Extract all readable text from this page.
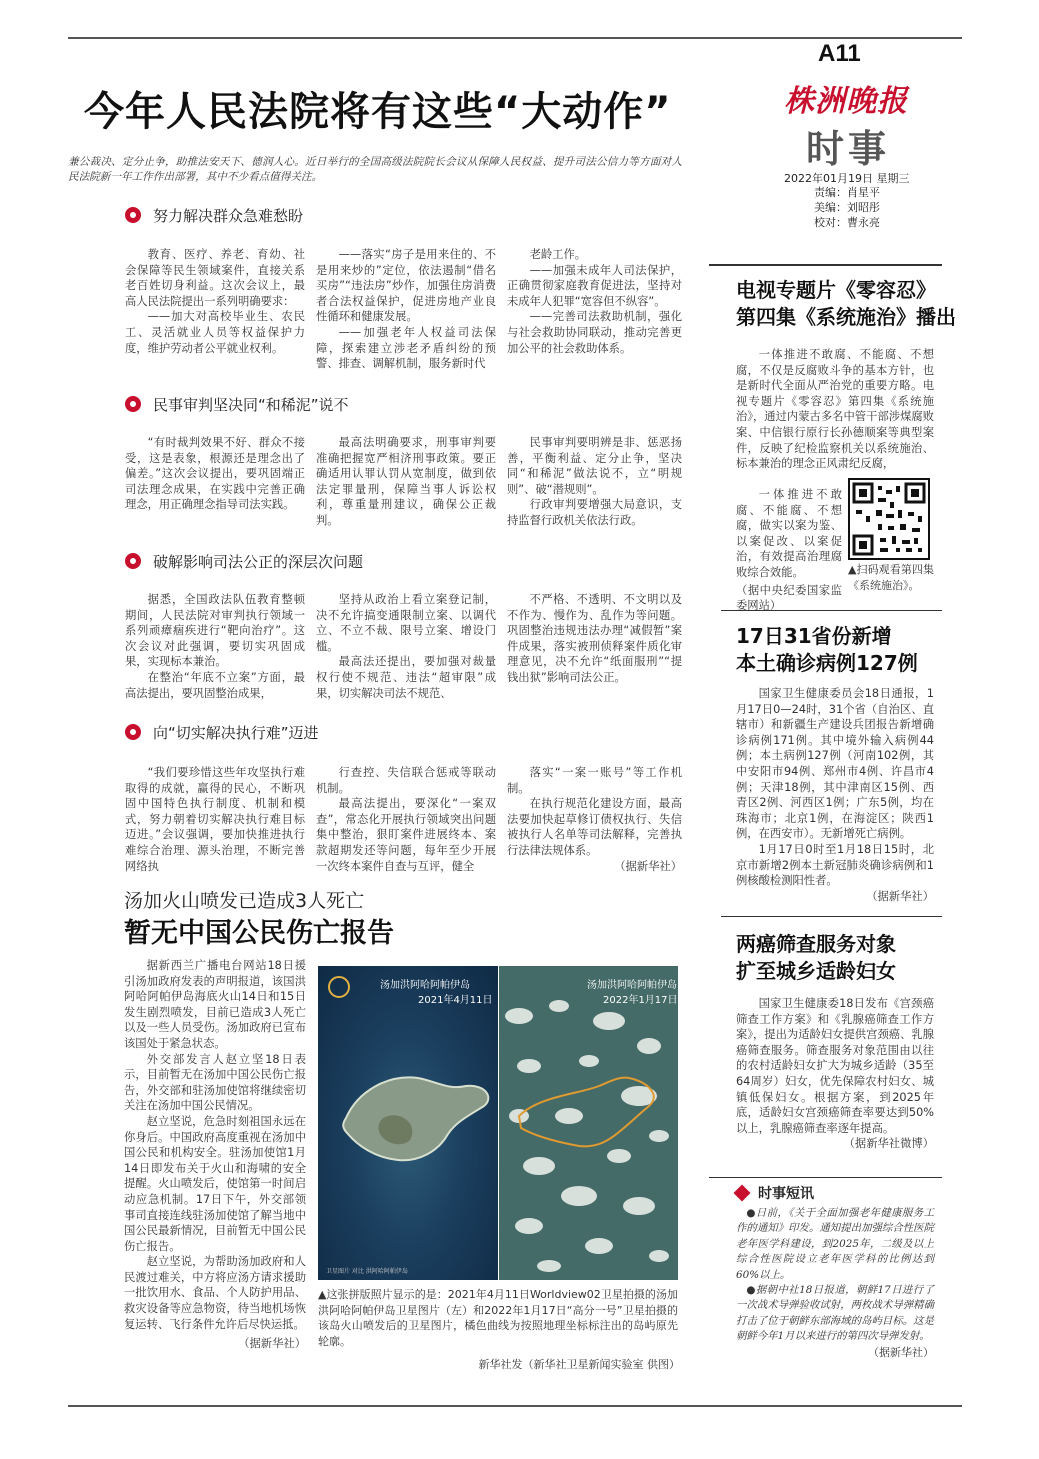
A11
株洲晚报
时事
2022年01月19日 星期三
责编：肖星平
美编：刘昭彤
校对：曹永亮
今年人民法院将有这些“大动作”
兼公裁决、定分止争，助推法安天下、德润人心。近日举行的全国高级法院院长会议从保障人民权益、提升司法公信力等方面对人民法院新一年工作作出部署，其中不少看点值得关注。
努力解决群众急难愁盼

教育、医疗、养老、育幼、社会保障等民生领域案件，直接关系老百姓切身利益。这次会议上，最高人民法院提出一系列明确要求：

——加大对高校毕业生、农民工、灵活就业人员等权益保护力度，维护劳动者公平就业权利。

——落实“房子是用来住的、不是用来炒的”定位，依法遏制“借名买房”“违法房”炒作，加强住房消费者合法权益保护，促进房地产业良性循环和健康发展。

——加强老年人权益司法保障，探索建立涉老矛盾纠纷的预警、排查、调解机制，服务新时代

老龄工作。

——加强未成年人司法保护，正确贯彻家庭教育促进法，坚持对未成年人犯罪“宽容但不纵容”。

——完善司法救助机制，强化与社会救助协同联动，推动完善更加公平的社会救助体系。

民事审判坚决同“和稀泥”说不

“有时裁判效果不好、群众不接受，这是表象，根源还是理念出了偏差。”这次会议提出，要巩固端正司法理念成果，在实践中完善正确理念，用正确理念指导司法实践。

最高法明确要求，刑事审判要准确把握宽严相济刑事政策。要正确适用认罪认罚从宽制度，做到依法定罪量刑，保障当事人诉讼权利，尊重量刑建议，确保公正裁判。

民事审判要明辨是非、惩恶扬善，平衡利益、定分止争，坚决同“和稀泥”做法说不，立“明规则”、破“潜规则”。

行政审判要增强大局意识，支持监督行政机关依法行政。

破解影响司法公正的深层次问题

据悉，全国政法队伍教育整顿期间，人民法院对审判执行领域一系列顽瘴痼疾进行“靶向治疗”。这次会议对此强调，要切实巩固成果，实现标本兼治。

在整治“年底不立案”方面，最高法提出，要巩固整治成果，

坚持从政治上看立案登记制，决不允许搞变通限制立案、以调代立、不立不裁、限号立案、增设门槛。

最高法还提出，要加强对裁量权行使不规范、违法“超审限”成果，切实解决司法不规范、

不严格、不透明、不文明以及不作为、慢作为、乱作为等问题。巩固整治违规违法办理“减假暂”案件成果，落实被刑侦释案件质化审理意见，决不允许“纸面服刑”“提钱出狱”影响司法公正。

向“切实解决执行难”迈进

“我们要珍惜这些年攻坚执行难取得的成就，赢得的民心，不断巩固中国特色执行制度、机制和模式，努力朝着切实解决执行难目标迈进。”会议强调，要加快推进执行难综合治理、源头治理，不断完善网络执

行查控、失信联合惩戒等联动机制。

最高法提出，要深化“一案双查”，常态化开展执行领域突出问题集中整治，狠盯案件进展终本、案款超期发还等问题，每年至少开展一次终本案件自查与互评，健全

落实“一案一账号”等工作机制。

在执行规范化建设方面，最高法要加快起草修订债权执行、失信被执行人名单等司法解释，完善执行法律法规体系。

（据新华社）
汤加火山喷发已造成3人死亡
暂无中国公民伤亡报告

据新西兰广播电台网站18日援引汤加政府发表的声明报道，该国洪阿哈阿帕伊岛海底火山14日和15日发生剧烈喷发，目前已造成3人死亡以及一些人员受伤。汤加政府已宣布该国处于紧急状态。

外交部发言人赵立坚18日表示，目前暂无在汤加中国公民伤亡报告，外交部和驻汤加使馆将继续密切关注在汤加中国公民情况。

赵立坚说，危急时刻祖国永远在你身后。中国政府高度重视在汤加中国公民和机构安全。驻汤加使馆1月14日即发布关于火山和海啸的安全提醒。火山喷发后，使馆第一时间启动应急机制。17日下午，外交部领事司直接连线驻汤加使馆了解当地中国公民最新情况，目前暂无中国公民伤亡报告。

赵立坚说，为帮助汤加政府和人民渡过难关，中方将应汤方请求援助一批饮用水、食品、个人防护用品、救灾设备等应急物资，待当地机场恢复运转、飞行条件允许后尽快运抵。

（据新华社）
汤加洪阿哈阿帕伊岛
2021年4月11日
卫星图片 对比 洪阿哈阿帕伊岛
汤加洪阿哈阿帕伊岛
2022年1月17日
▲这张拼版照片显示的是：2021年4月11日Worldview02卫星拍摄的汤加洪阿哈阿帕伊岛卫星图片（左）和2022年1月17日“高分一号”卫星拍摄的该岛火山喷发后的卫星图片，橘色曲线为按照地理坐标标注出的岛屿原先轮廓。
新华社发（新华社卫星新闻实验室 供图）
电视专题片《零容忍》
第四集《系统施治》播出

一体推进不敢腐、不能腐、不想腐，不仅是反腐败斗争的基本方针，也是新时代全面从严治党的重要方略。电视专题片《零容忍》第四集《系统施治》，通过内蒙古多名中管干部涉煤腐败案、中信银行原行长孙德顺案等典型案件，反映了纪检监察机关以系统施治、标本兼治的理念正风肃纪反腐，

一体推进不敢腐、不能腐、不想腐，做实以案为鉴、以案促改、以案促治，有效提高治理腐败综合效能。

（据中央纪委国家监委网站）
▲扫码观看第四集《系统施治》。
17日31省份新增
本土确诊病例127例

国家卫生健康委员会18日通报，1月17日0—24时，31个省（自治区、直辖市）和新疆生产建设兵团报告新增确诊病例171例。其中境外输入病例44例；本土病例127例（河南102例，其中安阳市94例、郑州市4例、许昌市4例；天津18例，其中津南区15例、西青区2例、河西区1例；广东5例，均在珠海市；北京1例，在海淀区；陕西1例，在西安市）。无新增死亡病例。

1月17日0时至1月18日15时，北京市新增2例本土新冠肺炎确诊病例和1例核酸检测阳性者。

（据新华社）
两癌筛查服务对象
扩至城乡适龄妇女

国家卫生健康委18日发布《宫颈癌筛查工作方案》和《乳腺癌筛查工作方案》，提出为适龄妇女提供宫颈癌、乳腺癌筛查服务。筛查服务对象范围由以往的农村适龄妇女扩大为城乡适龄（35至64周岁）妇女，优先保障农村妇女、城镇低保妇女。根据方案，到2025年底，适龄妇女宫颈癌筛查率要达到50%以上，乳腺癌筛查率逐年提高。

（据新华社微博）
时事短讯
●日前，《关于全面加强老年健康服务工作的通知》印发。通知提出加强综合性医院老年医学科建设，到2025年，二级及以上综合性医院设立老年医学科的比例达到60%以上。
●据朝中社18日报道，朝鲜17日进行了一次战术导弹验收试射，两枚战术导弹精确打击了位于朝鲜东部海域的岛屿目标。这是朝鲜今年1月以来进行的第四次导弹发射。
（据新华社）
